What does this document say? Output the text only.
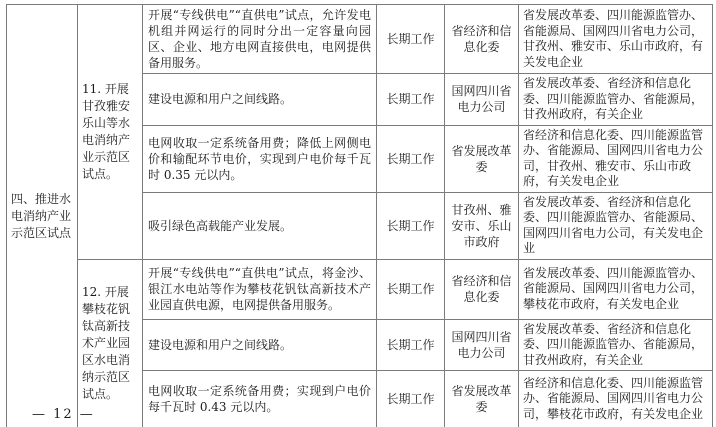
四、推进水电消纳产业示范区试点	11. 开展甘孜雅安乐山等水电消纳产业示范区试点。	开展“专线供电”“直供电”试点，允许发电机组并网运行的同时分出一定容量向园区、企业、地方电网直接供电，电网提供备用服务。	长期工作	省经济和信息化委	省发展改革委、四川能源监管办、省能源局、国网四川省电力公司，甘孜州、雅安市、乐山市政府，有关发电企业
		建设电源和用户之间线路。	长期工作	国网四川省电力公司	省发展改革委、省经济和信息化委、四川能源监管办、省能源局，甘孜州政府，有关企业
		电网收取一定系统备用费；降低上网侧电价和输配环节电价，实现到户电价每千瓦时 0.35 元以内。	长期工作	省发展改革委	省经济和信息化委、四川能源监管办、省能源局、国网四川省电力公司，甘孜州、雅安市、乐山市政府，有关发电企业
		吸引绿色高载能产业发展。	长期工作	甘孜州、雅安市、乐山市政府	省发展改革委、省经济和信息化委、四川能源监管办、省能源局、国网四川省电力公司，有关发电企业
	12. 开展攀枝花钒钛高新技术产业园区水电消纳示范区试点。	开展“专线供电”“直供电”试点，将金沙、银江水电站等作为攀枝花钒钛高新技术产业园直供电源，电网提供备用服务。	长期工作	省经济和信息化委	省发展改革委、四川能源监管办、省能源局、国网四川省电力公司，攀枝花市政府，有关发电企业
		建设电源和用户之间线路。	长期工作	国网四川省电力公司	省发展改革委、省经济和信息化委、四川能源监管办、省能源局，甘孜州政府，有关企业
		电网收取一定系统备用费；实现到户电价每千瓦时 0.43 元以内。	长期工作	省发展改革委	省经济和信息化委、四川能源监管办、省能源局、国网四川省电力公司，攀枝花市政府，有关发电企业
— 12 —
